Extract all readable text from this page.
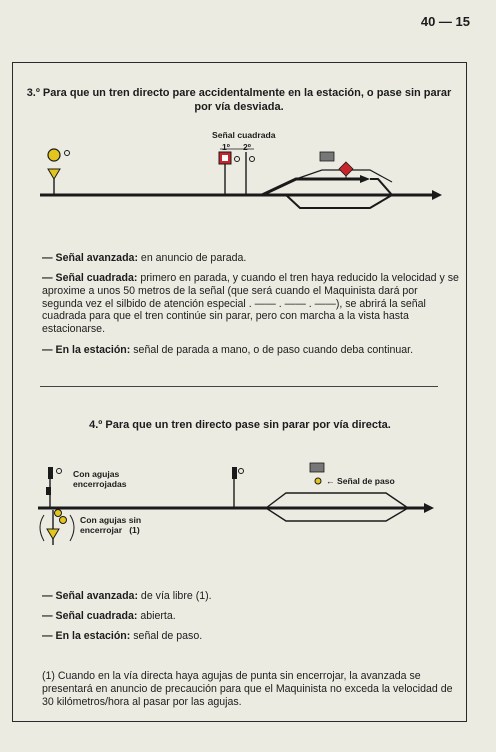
40 — 15
3.º Para que un tren directo pare accidentalmente en la estación, o pase sin parar por vía desviada.
Señal cuadrada
1º 2º
— Señal avanzada: en anuncio de parada.
— Señal cuadrada: primero en parada, y cuando el tren haya reducido la velocidad y se aproxime a unos 50 metros de la señal (que será cuando el Maquinista dará por segunda vez el silbido de atención especial . —— . —— . ——), se abrirá la señal cuadrada para que el tren continúe sin parar, pero con marcha a la vista hasta estacionarse.
— En la estación: señal de parada a mano, o de paso cuando deba continuar.
4.º Para que un tren directo pase sin parar por vía directa.
Con agujas
encerrojadas
Con agujas sin
encerrojar   (1)
← Señal de paso
— Señal avanzada: de vía libre (1).
— Señal cuadrada: abierta.
— En la estación: señal de paso.
(1) Cuando en la vía directa haya agujas de punta sin encerrojar, la avanzada se presentará en anuncio de precaución para que el Maquinista no exceda la velocidad de 30 kilómetros/hora al pasar por las agujas.
